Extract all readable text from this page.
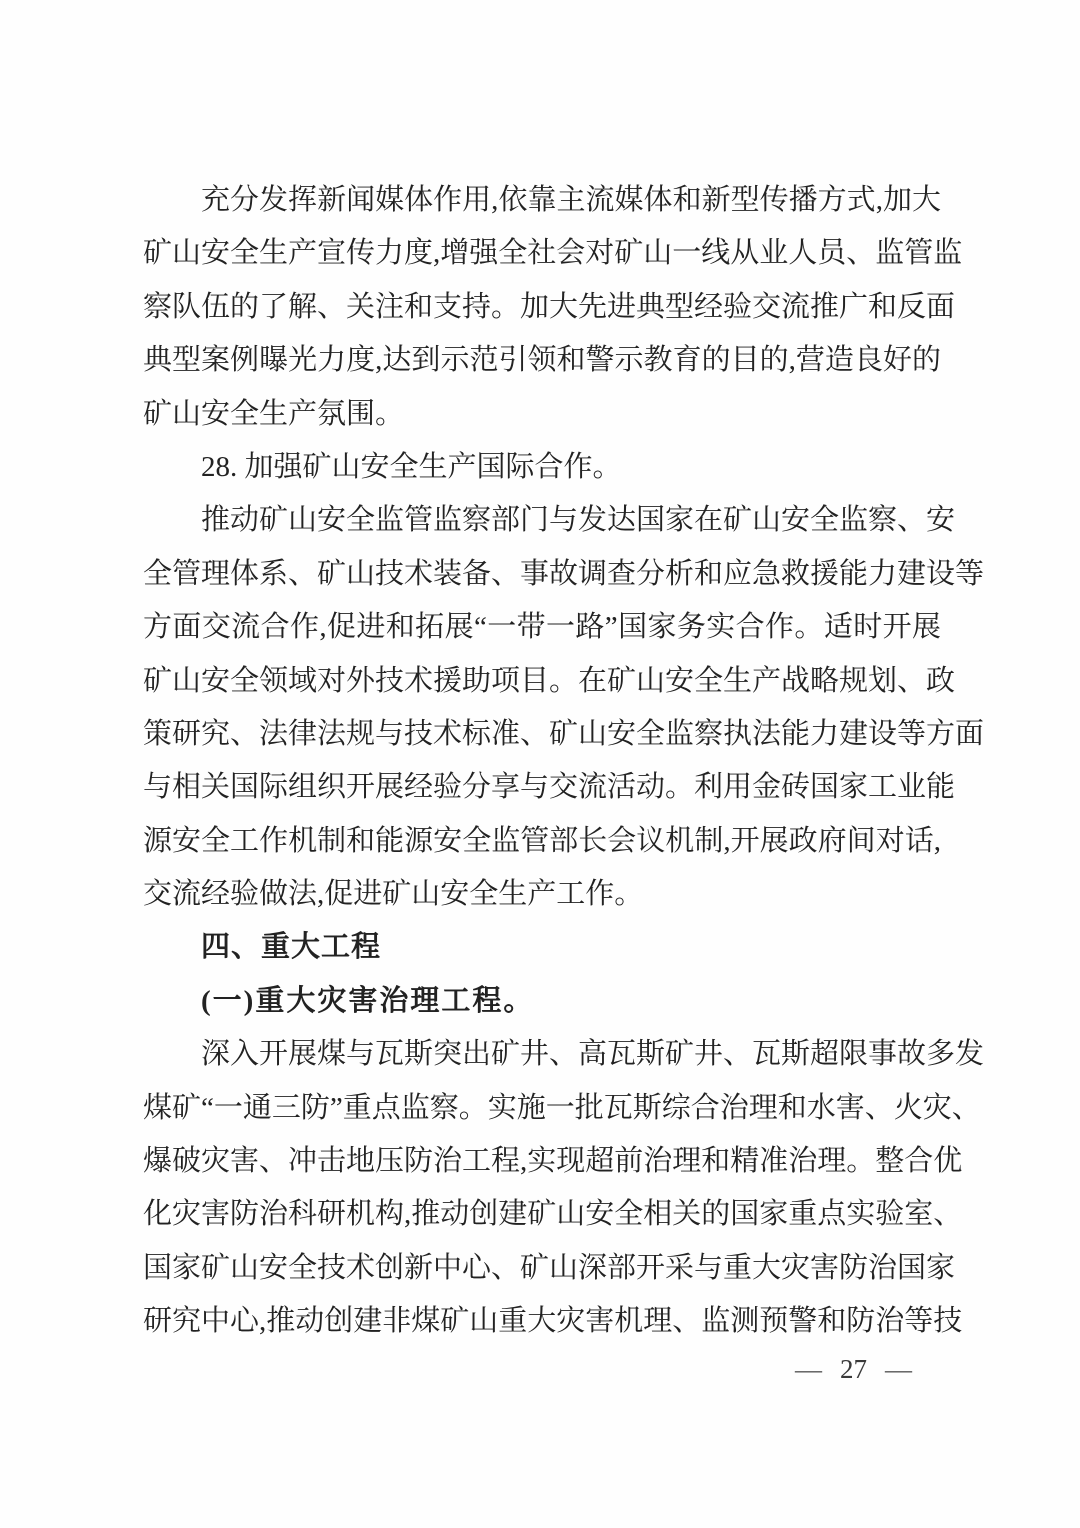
充分发挥新闻媒体作用,依靠主流媒体和新型传播方式,加大
矿山安全生产宣传力度,增强全社会对矿山一线从业人员、监管监
察队伍的了解、关注和支持。加大先进典型经验交流推广和反面
典型案例曝光力度,达到示范引领和警示教育的目的,营造良好的
矿山安全生产氛围。
28. 加强矿山安全生产国际合作。
推动矿山安全监管监察部门与发达国家在矿山安全监察、安
全管理体系、矿山技术装备、事故调查分析和应急救援能力建设等
方面交流合作,促进和拓展“一带一路”国家务实合作。适时开展
矿山安全领域对外技术援助项目。在矿山安全生产战略规划、政
策研究、法律法规与技术标准、矿山安全监察执法能力建设等方面
与相关国际组织开展经验分享与交流活动。利用金砖国家工业能
源安全工作机制和能源安全监管部长会议机制,开展政府间对话,
交流经验做法,促进矿山安全生产工作。
四、重大工程
(一)重大灾害治理工程。
深入开展煤与瓦斯突出矿井、高瓦斯矿井、瓦斯超限事故多发
煤矿“一通三防”重点监察。实施一批瓦斯综合治理和水害、火灾、
爆破灾害、冲击地压防治工程,实现超前治理和精准治理。整合优
化灾害防治科研机构,推动创建矿山安全相关的国家重点实验室、
国家矿山安全技术创新中心、矿山深部开采与重大灾害防治国家
研究中心,推动创建非煤矿山重大灾害机理、监测预警和防治等技
— 27 —
